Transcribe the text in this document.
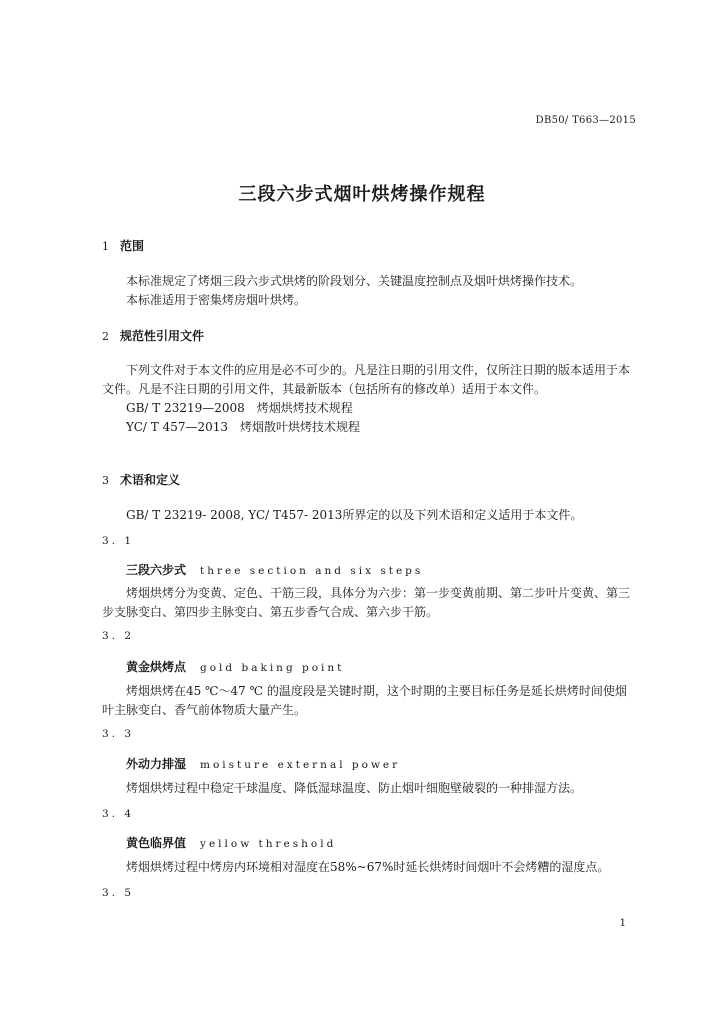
DB50/ T663—2015
三段六步式烟叶烘烤操作规程
1 范围
本标准规定了烤烟三段六步式烘烤的阶段划分、关键温度控制点及烟叶烘烤操作技术。
本标准适用于密集烤房烟叶烘烤。
2 规范性引用文件
下列文件对于本文件的应用是必不可少的。凡是注日期的引用文件，仅所注日期的版本适用于本文件。凡是不注日期的引用文件，其最新版本（包括所有的修改单）适用于本文件。
GB/ T 23219—2008　烤烟烘烤技术规程
YC/ T 457—2013　烤烟散叶烘烤技术规程
3 术语和定义
GB/ T 23219- 2008, YC/ T457- 2013所界定的以及下列术语和定义适用于本文件。
3. 1
三段六步式 three section and six steps
烤烟烘烤分为变黄、定色、干筋三段，具体分为六步：第一步变黄前期、第二步叶片变黄、第三步支脉变白、第四步主脉变白、第五步香气合成、第六步干筋。
3. 2
黄金烘烤点 gold baking point
烤烟烘烤在45 ℃～47 ℃ 的温度段是关键时期，这个时期的主要目标任务是延长烘烤时间使烟叶主脉变白、香气前体物质大量产生。
3. 3
外动力排湿 moisture external power
烤烟烘烤过程中稳定干球温度、降低湿球温度、防止烟叶细胞壁破裂的一种排湿方法。
3. 4
黄色临界值 yellow threshold
烤烟烘烤过程中烤房内环境相对湿度在58%~67%时延长烘烤时间烟叶不会烤糟的湿度点。
3. 5
1
